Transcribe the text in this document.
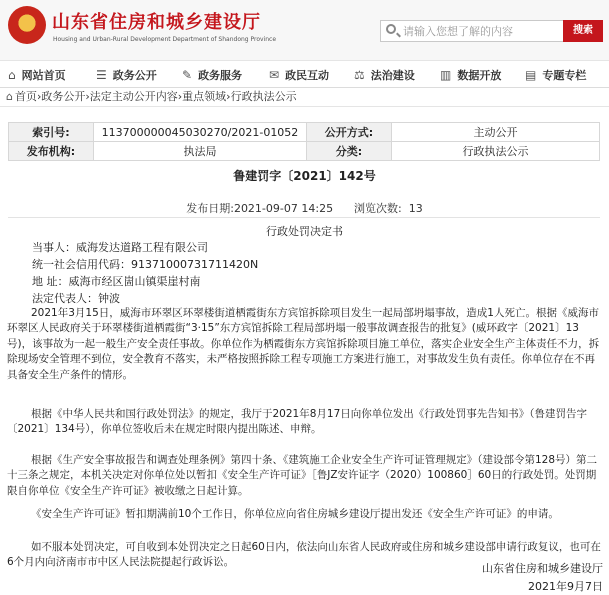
山东省住房和城乡建设厅
Housing and Urban-Rural Development Department of Shandong Province
请输入您想了解的内容
搜索
⌂ 网站首页	☰ 政务公开 ✎ 政务服务 ✉ 政民互动 ⚖ 法治建设 ▥ 数据开放 ▤ 专题专栏
⌂ 首页›政务公开›法定主动公开内容›重点领域›行政执法公示
索引号:	113700000045030270/2021-01052	公开方式:	主动公开
发布机构:	执法局	分类:	行政执法公示
鲁建罚字〔2021〕142号
发布日期:2021-09-07 14:25      浏览次数:  13
行政处罚决定书
当事人：威海发达道路工程有限公司
统一社会信用代码：91371000731711420N
地 址：威海市经区崮山镇渠崖村南
法定代表人：钟波
2021年3月15日，威海市环翠区环翠楼街道栖霞街东方宾馆拆除项目发生一起局部坍塌事故，造成1人死亡。根据《威海市环翠区人民政府关于环翠楼街道栖霞街“3·15”东方宾馆拆除工程局部坍塌一般事故调查报告的批复》(威环政字〔2021〕13号)，该事故为一起一般生产安全责任事故。你单位作为栖霞街东方宾馆拆除项目施工单位，落实企业安全生产主体责任不力，拆除现场安全管理不到位，安全教育不落实，未严格按照拆除工程专项施工方案进行施工，对事故发生负有责任。你单位存在不再具备安全生产条件的情形。
根据《中华人民共和国行政处罚法》的规定，我厅于2021年8月17日向你单位发出《行政处罚事先告知书》（鲁建罚告字〔2021〕134号），你单位签收后未在规定时限内提出陈述、申辩。
根据《生产安全事故报告和调查处理条例》第四十条、《建筑施工企业安全生产许可证管理规定》（建设部令第128号）第二十三条之规定，本机关决定对你单位处以暂扣《安全生产许可证》［鲁JZ安许证字（2020）100860］60日的行政处罚。处罚期限自你单位《安全生产许可证》被收缴之日起计算。
《安全生产许可证》暂扣期满前10个工作日，你单位应向省住房城乡建设厅提出发还《安全生产许可证》的申请。
如不服本处罚决定，可自收到本处罚决定之日起60日内，依法向山东省人民政府或住房和城乡建设部申请行政复议，也可在6个月内向济南市市中区人民法院提起行政诉讼。	山东省住房和城乡建设厅
2021年9月7日
